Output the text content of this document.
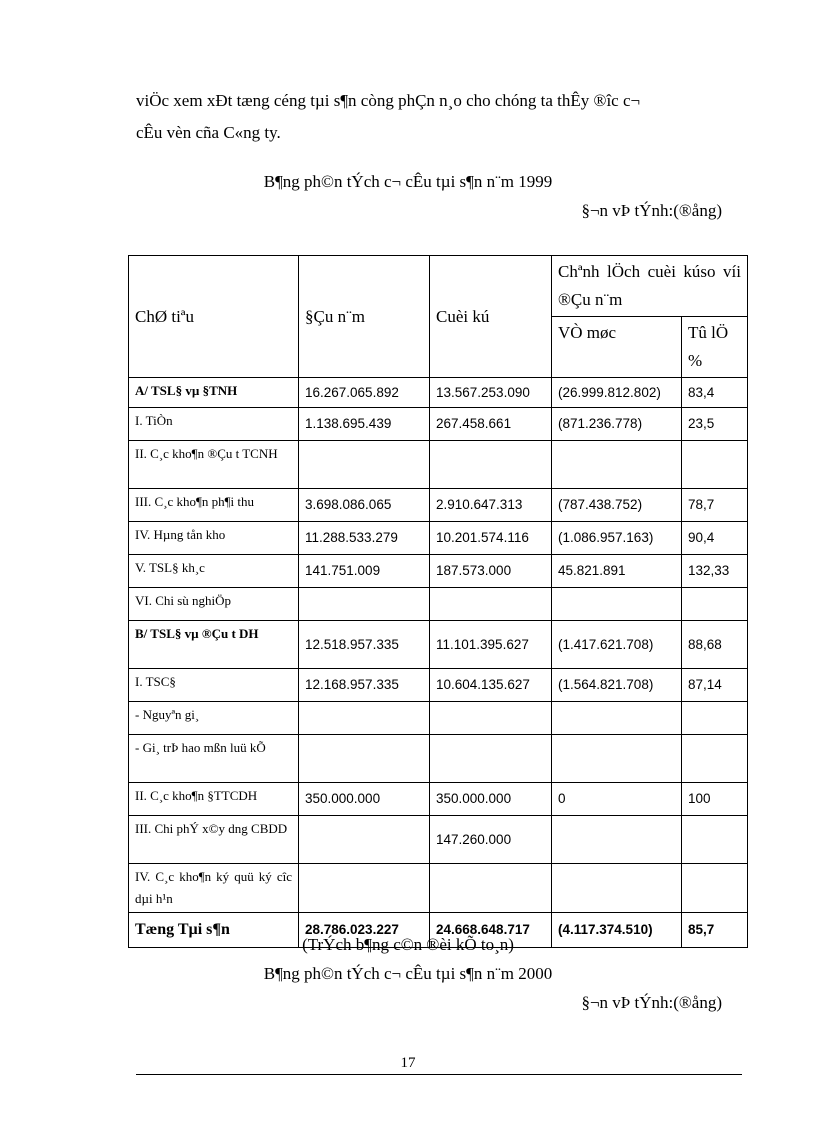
viÖc xem xÐt tæng céng tµi s¶n còng phÇn n¸o cho chóng ta thÊy ®îc c¬
cÊu vèn cña C«ng ty.
B¶ng ph©n tÝch c¬ cÊu tµi s¶n n¨m 1999
§¬n vÞ tÝnh:(®ång)
ChØ tiªu	§Çu n¨m	Cuèi kú	Chªnh lÖch cuèi kúso víi ®Çu n¨m	
			VÒ møc	Tû lÖ %
A/ TSL§ vµ §TNH	16.267.065.892	13.567.253.090	(26.999.812.802)	83,4
I. TiÒn	1.138.695.439	267.458.661	(871.236.778)	23,5
II. C¸c kho¶n ®Çu t TCNH				
III. C¸c kho¶n ph¶i thu	3.698.086.065	2.910.647.313	(787.438.752)	78,7
IV. Hµng tån kho	11.288.533.279	10.201.574.116	(1.086.957.163)	90,4
V. TSL§ kh¸c	141.751.009	187.573.000	45.821.891	132,33
VI. Chi sù nghiÖp				
B/ TSL§ vµ ®Çu t DH	12.518.957.335	11.101.395.627	(1.417.621.708)	88,68
I. TSC§	12.168.957.335	10.604.135.627	(1.564.821.708)	87,14
- Nguyªn gi¸				
- Gi¸ trÞ hao mßn luü kÕ				
II. C¸c kho¶n §TTCDH	350.000.000	350.000.000	0	100
III. Chi phÝ x©y dng CBDD		147.260.000		
IV. C¸c kho¶n ký quü ký cîc dµi h¹n				
Tæng Tµi s¶n	28.786.023.227	24.668.648.717	(4.117.374.510)	85,7
(TrÝch b¶ng c©n ®èi kÕ to¸n)
B¶ng ph©n tÝch c¬ cÊu tµi s¶n n¨m 2000
§¬n vÞ tÝnh:(®ång)
17
